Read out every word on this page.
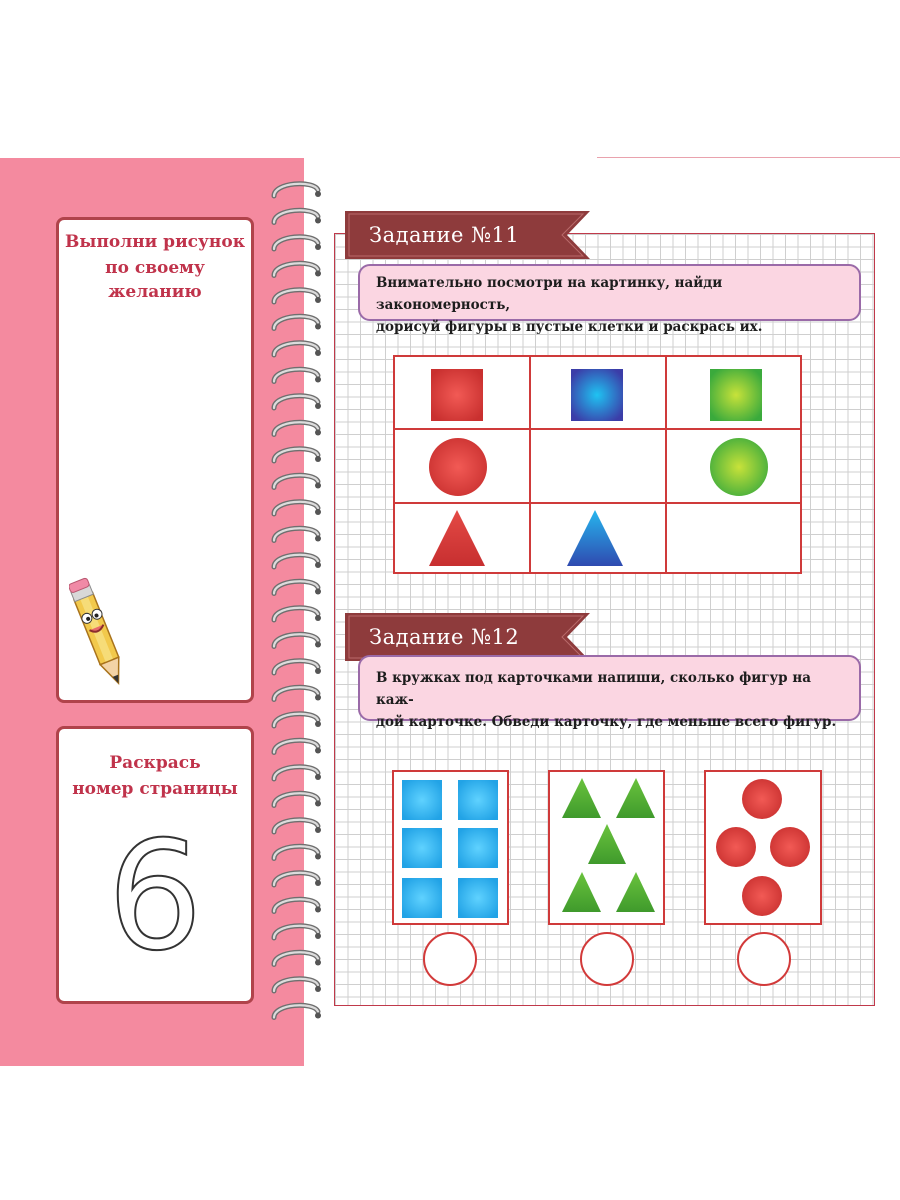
Выполни рисунок
по своему желанию
Раскрась
номер страницы
6
Задание №11
Внимательно посмотри на картинку, найди закономерность,
дорисуй фигуры в пустые клетки и раскрась их.
Задание №12
В кружках под карточками напиши, сколько фигур на каж-
дой карточке. Обведи карточку, где меньше всего фигур.
